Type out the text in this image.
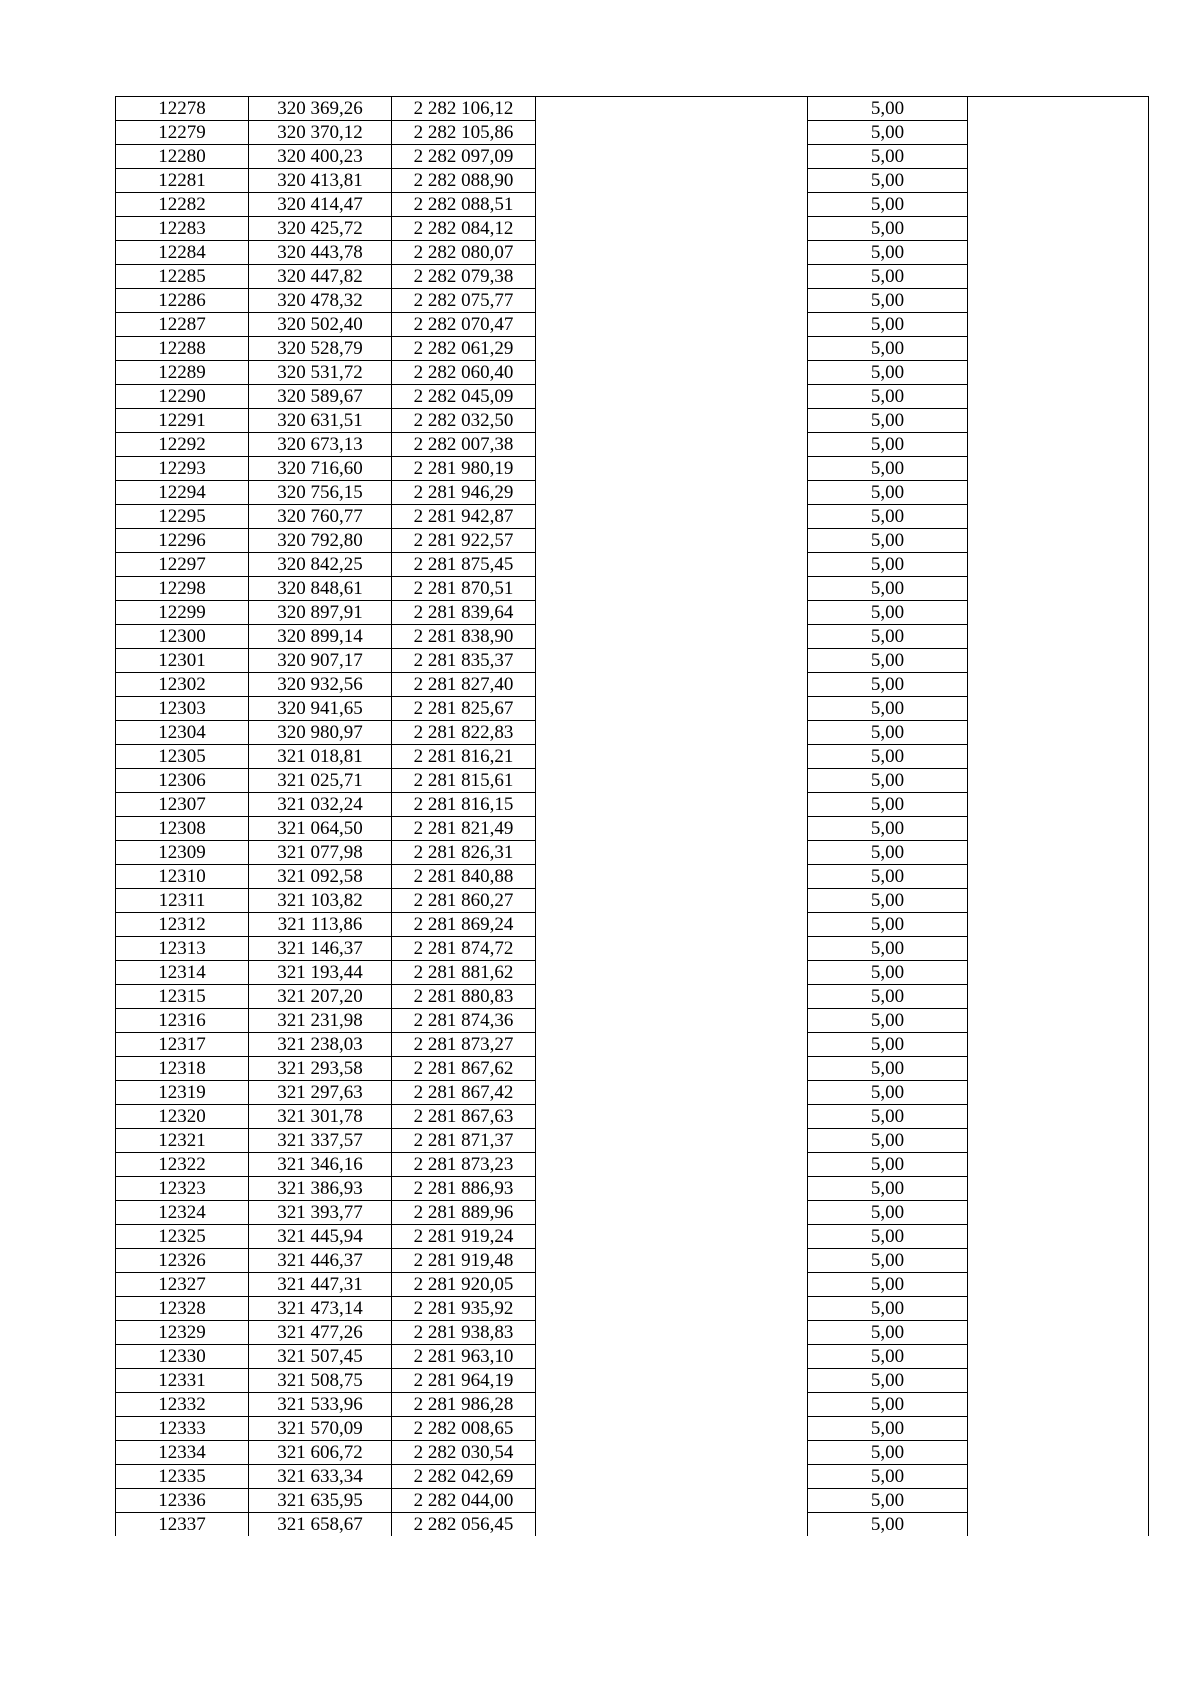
12278	320 369,26	2 282 106,12		5,00	
12279	320 370,12	2 282 105,86		5,00	
12280	320 400,23	2 282 097,09		5,00	
12281	320 413,81	2 282 088,90		5,00	
12282	320 414,47	2 282 088,51		5,00	
12283	320 425,72	2 282 084,12		5,00	
12284	320 443,78	2 282 080,07		5,00	
12285	320 447,82	2 282 079,38		5,00	
12286	320 478,32	2 282 075,77		5,00	
12287	320 502,40	2 282 070,47		5,00	
12288	320 528,79	2 282 061,29		5,00	
12289	320 531,72	2 282 060,40		5,00	
12290	320 589,67	2 282 045,09		5,00	
12291	320 631,51	2 282 032,50		5,00	
12292	320 673,13	2 282 007,38		5,00	
12293	320 716,60	2 281 980,19		5,00	
12294	320 756,15	2 281 946,29		5,00	
12295	320 760,77	2 281 942,87		5,00	
12296	320 792,80	2 281 922,57		5,00	
12297	320 842,25	2 281 875,45		5,00	
12298	320 848,61	2 281 870,51		5,00	
12299	320 897,91	2 281 839,64		5,00	
12300	320 899,14	2 281 838,90		5,00	
12301	320 907,17	2 281 835,37		5,00	
12302	320 932,56	2 281 827,40		5,00	
12303	320 941,65	2 281 825,67		5,00	
12304	320 980,97	2 281 822,83		5,00	
12305	321 018,81	2 281 816,21		5,00	
12306	321 025,71	2 281 815,61		5,00	
12307	321 032,24	2 281 816,15		5,00	
12308	321 064,50	2 281 821,49		5,00	
12309	321 077,98	2 281 826,31		5,00	
12310	321 092,58	2 281 840,88		5,00	
12311	321 103,82	2 281 860,27		5,00	
12312	321 113,86	2 281 869,24		5,00	
12313	321 146,37	2 281 874,72		5,00	
12314	321 193,44	2 281 881,62		5,00	
12315	321 207,20	2 281 880,83		5,00	
12316	321 231,98	2 281 874,36		5,00	
12317	321 238,03	2 281 873,27		5,00	
12318	321 293,58	2 281 867,62		5,00	
12319	321 297,63	2 281 867,42		5,00	
12320	321 301,78	2 281 867,63		5,00	
12321	321 337,57	2 281 871,37		5,00	
12322	321 346,16	2 281 873,23		5,00	
12323	321 386,93	2 281 886,93		5,00	
12324	321 393,77	2 281 889,96		5,00	
12325	321 445,94	2 281 919,24		5,00	
12326	321 446,37	2 281 919,48		5,00	
12327	321 447,31	2 281 920,05		5,00	
12328	321 473,14	2 281 935,92		5,00	
12329	321 477,26	2 281 938,83		5,00	
12330	321 507,45	2 281 963,10		5,00	
12331	321 508,75	2 281 964,19		5,00	
12332	321 533,96	2 281 986,28		5,00	
12333	321 570,09	2 282 008,65		5,00	
12334	321 606,72	2 282 030,54		5,00	
12335	321 633,34	2 282 042,69		5,00	
12336	321 635,95	2 282 044,00		5,00	
12337	321 658,67	2 282 056,45		5,00	
